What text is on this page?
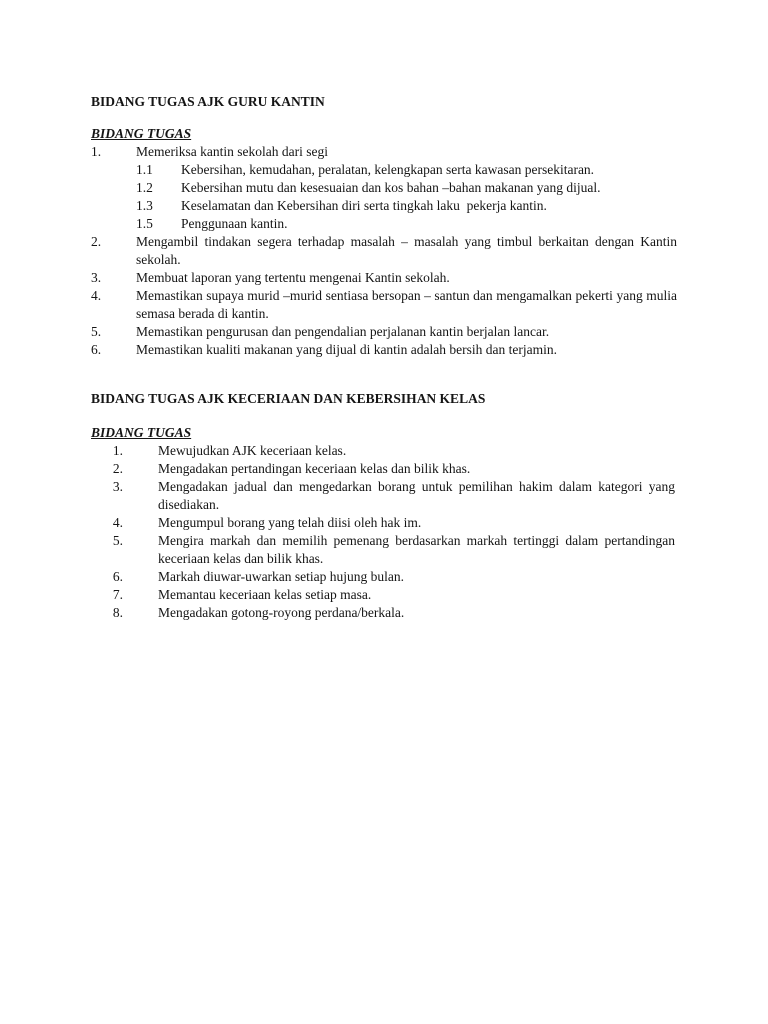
BIDANG TUGAS AJK GURU KANTIN
BIDANG TUGAS
1.	Memeriksa kantin sekolah dari segi
1.1	Kebersihan, kemudahan, peralatan, kelengkapan serta kawasan persekitaran.
1.2	Kebersihan mutu dan kesesuaian dan kos bahan –bahan makanan yang dijual.
1.3	Keselamatan dan Kebersihan diri serta tingkah laku  pekerja kantin.
1.5	Penggunaan kantin.
2.	Mengambil tindakan segera terhadap masalah – masalah yang timbul berkaitan dengan Kantin sekolah.
3.	Membuat laporan yang tertentu mengenai Kantin sekolah.
4.	Memastikan supaya murid –murid sentiasa bersopan – santun dan mengamalkan pekerti yang mulia semasa berada di kantin.
5.	Memastikan pengurusan dan pengendalian perjalanan kantin berjalan lancar.
6.	Memastikan kualiti makanan yang dijual di kantin adalah bersih dan terjamin.
BIDANG TUGAS AJK KECERIAAN DAN KEBERSIHAN KELAS
BIDANG TUGAS
1.	Mewujudkan AJK keceriaan kelas.
2.	Mengadakan pertandingan keceriaan kelas dan bilik khas.
3.	Mengadakan jadual dan mengedarkan borang untuk pemilihan hakim dalam kategori yang disediakan.
4.	Mengumpul borang yang telah diisi oleh hak im.
5.	Mengira markah dan memilih pemenang berdasarkan markah tertinggi dalam pertandingan keceriaan kelas dan bilik khas.
6.	Markah diuwar-uwarkan setiap hujung bulan.
7.	Memantau keceriaan kelas setiap masa.
8.	Mengadakan gotong-royong perdana/berkala.
